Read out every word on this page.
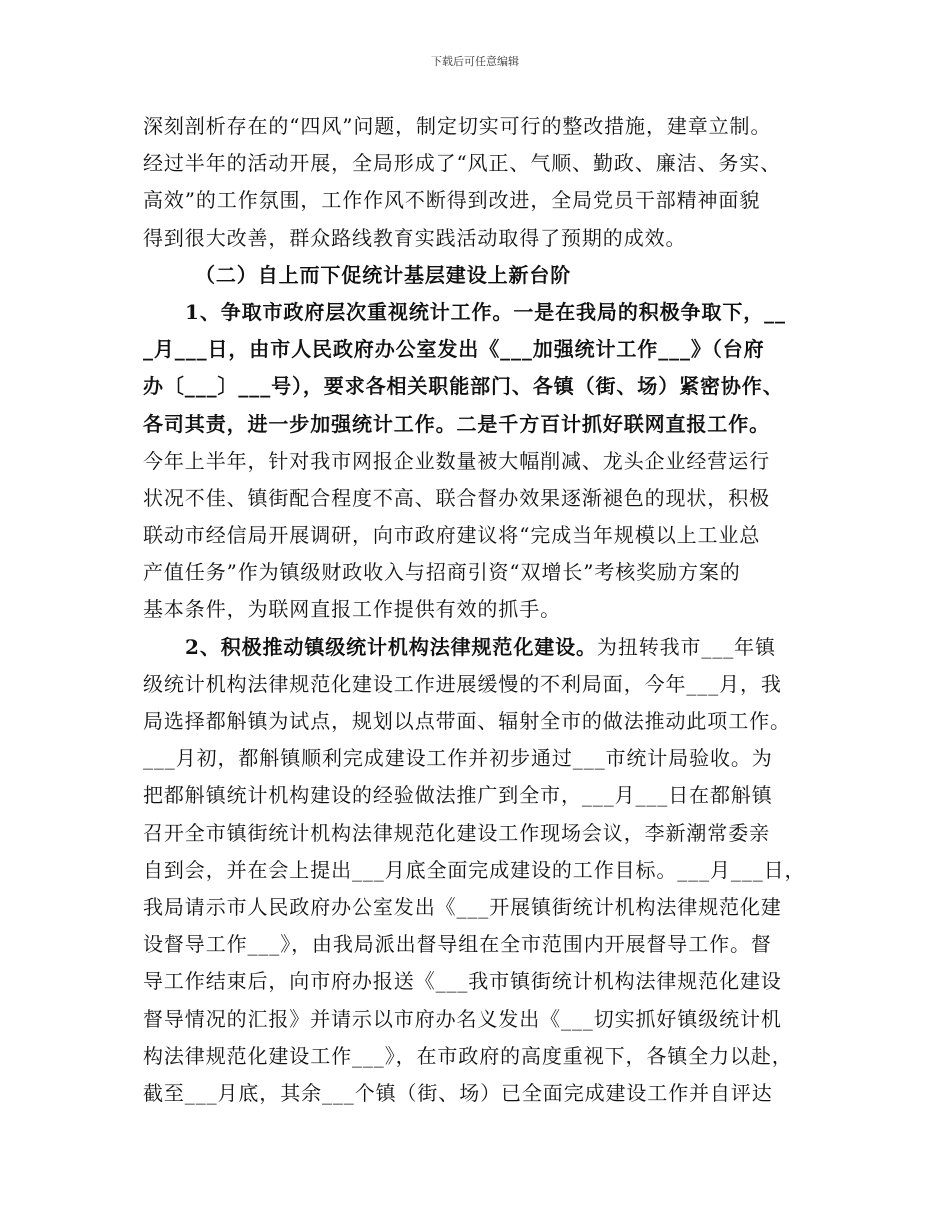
下载后可任意编辑
深刻剖析存在的“四风”问题，制定切实可行的整改措施，建章立制。
经过半年的活动开展，全局形成了“风正、气顺、勤政、廉洁、务实、
高效”的工作氛围，工作作风不断得到改进，全局党员干部精神面貌
得到很大改善，群众路线教育实践活动取得了预期的成效。
（二）自上而下促统计基层建设上新台阶
1、争取市政府层次重视统计工作。一是在我局的积极争取下，__
_月___日，由市人民政府办公室发出《___加强统计工作___》（台府
办〔___〕___号），要求各相关职能部门、各镇（街、场）紧密协作、
各司其责，进一步加强统计工作。二是千方百计抓好联网直报工作。
今年上半年，针对我市网报企业数量被大幅削减、龙头企业经营运行
状况不佳、镇街配合程度不高、联合督办效果逐渐褪色的现状，积极
联动市经信局开展调研，向市政府建议将“完成当年规模以上工业总
产值任务”作为镇级财政收入与招商引资“双增长”考核奖励方案的
基本条件，为联网直报工作提供有效的抓手。
2、积极推动镇级统计机构法律规范化建设。为扭转我市___年镇
级统计机构法律规范化建设工作进展缓慢的不利局面，今年___月，我
局选择都斛镇为试点，规划以点带面、辐射全市的做法推动此项工作。
___月初，都斛镇顺利完成建设工作并初步通过___市统计局验收。为
把都斛镇统计机构建设的经验做法推广到全市，___月___日在都斛镇
召开全市镇街统计机构法律规范化建设工作现场会议，李新潮常委亲
自到会，并在会上提出___月底全面完成建设的工作目标。___月___日，
我局请示市人民政府办公室发出《___开展镇街统计机构法律规范化建
设督导工作___》，由我局派出督导组在全市范围内开展督导工作。督
导工作结束后，向市府办报送《___我市镇街统计机构法律规范化建设
督导情况的汇报》并请示以市府办名义发出《___切实抓好镇级统计机
构法律规范化建设工作___》，在市政府的高度重视下，各镇全力以赴，
截至___月底，其余___个镇（街、场）已全面完成建设工作并自评达
